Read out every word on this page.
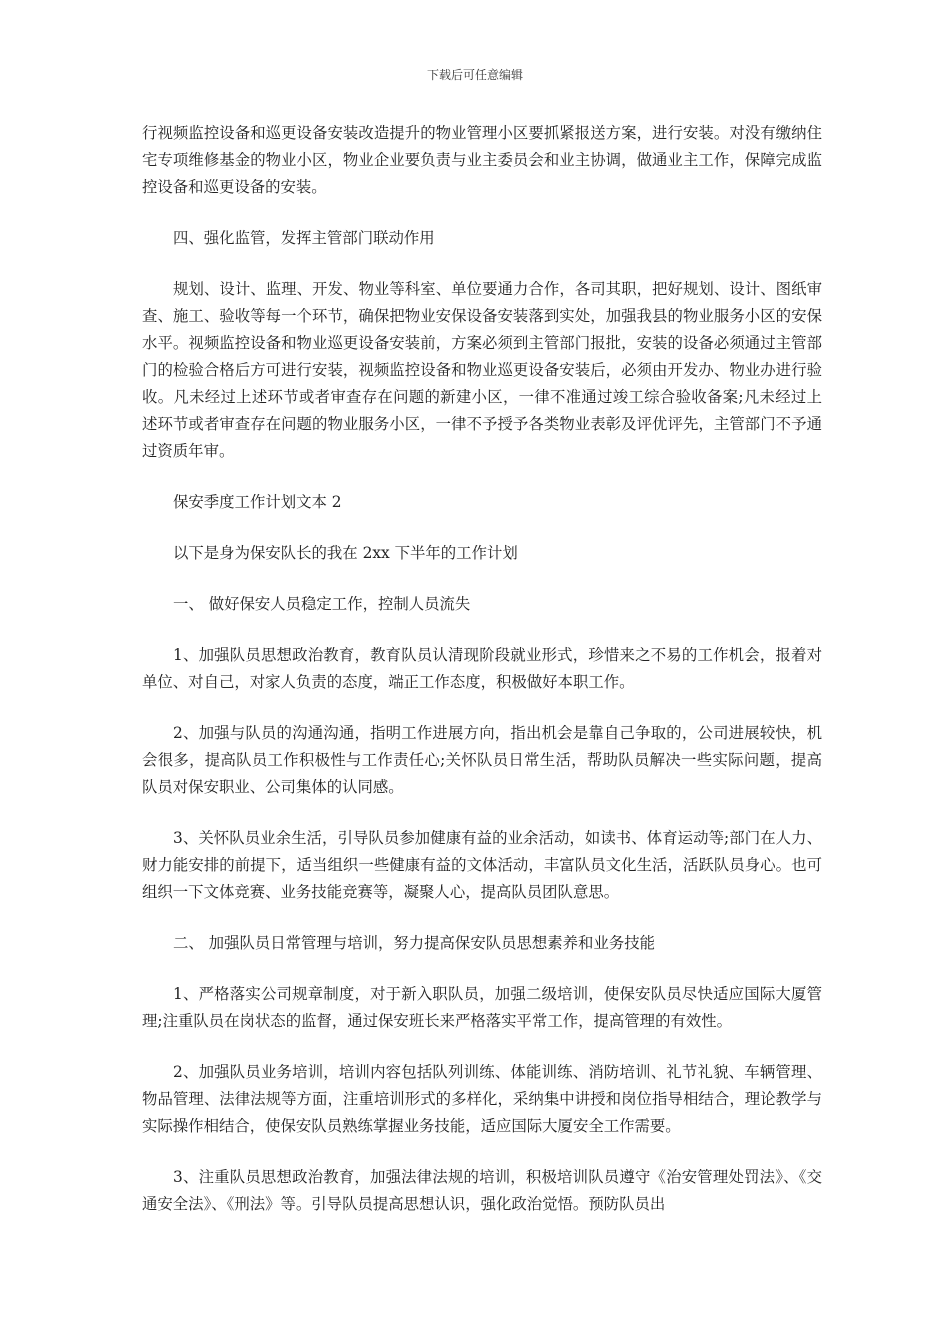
下载后可任意编辑

行视频监控设备和巡更设备安装改造提升的物业管理小区要抓紧报送方案，进行安装。对没有缴纳住宅专项维修基金的物业小区，物业企业要负责与业主委员会和业主协调，做通业主工作，保障完成监控设备和巡更设备的安装。

四、强化监管，发挥主管部门联动作用

规划、设计、监理、开发、物业等科室、单位要通力合作，各司其职，把好规划、设计、图纸审查、施工、验收等每一个环节，确保把物业安保设备安装落到实处，加强我县的物业服务小区的安保水平。视频监控设备和物业巡更设备安装前，方案必须到主管部门报批，安装的设备必须通过主管部门的检验合格后方可进行安装，视频监控设备和物业巡更设备安装后，必须由开发办、物业办进行验收。凡未经过上述环节或者审查存在问题的新建小区，一律不准通过竣工综合验收备案;凡未经过上述环节或者审查存在问题的物业服务小区，一律不予授予各类物业表彰及评优评先，主管部门不予通过资质年审。

保安季度工作计划文本 2

以下是身为保安队长的我在 2xx 下半年的工作计划

一、 做好保安人员稳定工作，控制人员流失

1、加强队员思想政治教育，教育队员认清现阶段就业形式，珍惜来之不易的工作机会，报着对单位、对自己，对家人负责的态度，端正工作态度，积极做好本职工作。

2、加强与队员的沟通沟通，指明工作进展方向，指出机会是靠自己争取的，公司进展较快，机会很多，提高队员工作积极性与工作责任心;关怀队员日常生活，帮助队员解决一些实际问题，提高队员对保安职业、公司集体的认同感。

3、关怀队员业余生活，引导队员参加健康有益的业余活动，如读书、体育运动等;部门在人力、财力能安排的前提下，适当组织一些健康有益的文体活动，丰富队员文化生活，活跃队员身心。也可组织一下文体竞赛、业务技能竞赛等，凝聚人心，提高队员团队意思。

二、 加强队员日常管理与培训，努力提高保安队员思想素养和业务技能

1、严格落实公司规章制度，对于新入职队员，加强二级培训，使保安队员尽快适应国际大厦管理;注重队员在岗状态的监督，通过保安班长来严格落实平常工作，提高管理的有效性。

2、加强队员业务培训，培训内容包括队列训练、体能训练、消防培训、礼节礼貌、车辆管理、物品管理、法律法规等方面，注重培训形式的多样化，采纳集中讲授和岗位指导相结合，理论教学与实际操作相结合，使保安队员熟练掌握业务技能，适应国际大厦安全工作需要。

3、注重队员思想政治教育，加强法律法规的培训，积极培训队员遵守《治安管理处罚法》、《交通安全法》、《刑法》等。引导队员提高思想认识，强化政治觉悟。预防队员出
